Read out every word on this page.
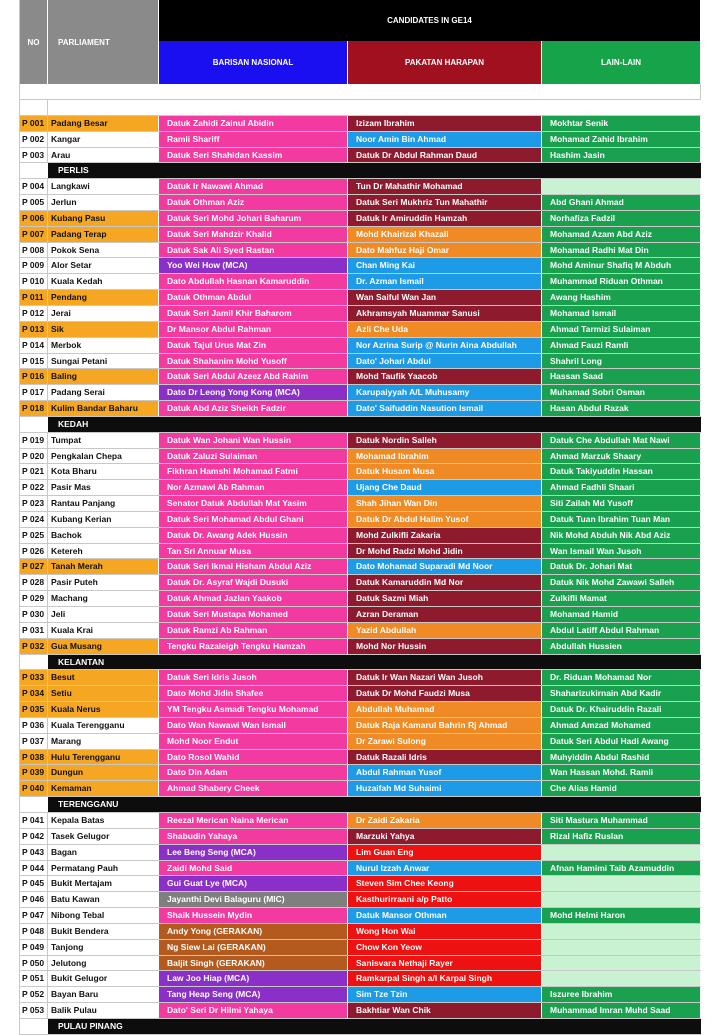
NO PARLIAMENT
CANDIDATES IN GE14
BARISAN NASIONAL	PAKATAN HARAPAN	LAIN-LAIN
P 001 Padang Besar	Datuk Zahidi Zainul Abidin	Izizam Ibrahim	Mokhtar Senik
P 002 Kangar	Ramli Shariff	Noor Amin Bin Ahmad	Mohamad Zahid Ibrahim
P 003 Arau	Datuk Seri Shahidan Kassim	Datuk Dr Abdul Rahman Daud	Hashim Jasin
PERLIS
P 004 Langkawi	Datuk Ir Nawawi Ahmad	Tun Dr Mahathir Mohamad
P 005 Jerlun	Datuk Othman Aziz	Datuk Seri Mukhriz Tun Mahathir	Abd Ghani Ahmad
P 006 Kubang Pasu	Datuk Seri Mohd Johari Baharum	Datuk Ir Amiruddin Hamzah	Norhafiza Fadzil
P 007 Padang Terap	Datuk Seri Mahdzir Khalid	Mohd Khairizal Khazali	Mohamad Azam Abd Aziz
P 008 Pokok Sena	Datuk Sak Ali Syed Rastan	Dato Mahfuz Haji Omar	Mohamad Radhi Mat Din
P 009 Alor Setar	Yoo Wei How (MCA)	Chan Ming Kai	Mohd Aminur Shafiq M Abduh
P 010 Kuala Kedah	Dato Abdullah Hasnan Kamaruddin	Dr. Azman Ismail	Muhammad Riduan Othman
P 011 Pendang	Datuk Othman Abdul	Wan Saiful Wan Jan	Awang Hashim
P 012 Jerai	Datuk Seri Jamil Khir Baharom	Akhramsyah Muammar Sanusi	Mohamad Ismail
P 013 Sik	Dr Mansor Abdul Rahman	Azli Che Uda	Ahmad Tarmizi Sulaiman
P 014 Merbok	Datuk Tajul Urus Mat Zin	Nor Azrina Surip @ Nurin Aina Abdullah	Ahmad Fauzi Ramli
P 015 Sungai Petani	Datuk Shahanim Mohd Yusoff	Dato' Johari Abdul	Shahril Long
P 016 Baling	Datuk Seri Abdul Azeez Abd Rahim	Mohd Taufik Yaacob	Hassan Saad
P 017 Padang Serai	Dato Dr Leong Yong Kong (MCA)	Karupaiyyah A/L Muhusamy	Muhamad Sobri Osman
P 018 Kulim Bandar Baharu	Datuk Abd Aziz Sheikh Fadzir	Dato' Saifuddin Nasution Ismail	Hasan Abdul Razak
KEDAH
P 019 Tumpat	Datuk Wan Johani Wan Hussin	Datuk Nordin Salleh	Datuk Che Abdullah Mat Nawi
P 020 Pengkalan Chepa	Datuk Zaluzi Sulaiman	Mohamad Ibrahim	Ahmad Marzuk Shaary
P 021 Kota Bharu	Fikhran Hamshi Mohamad Fatmi	Datuk Husam Musa	Datuk Takiyuddin Hassan
P 022 Pasir Mas	Nor Azmawi Ab Rahman	Ujang Che Daud	Ahmad Fadhli Shaari
P 023 Rantau Panjang	Senator Datuk Abdullah Mat Yasim	Shah Jihan Wan Din	Siti Zailah Md Yusoff
P 024 Kubang Kerian	Datuk Seri Mohamad Abdul Ghani	Datuk Dr Abdul Halim Yusof	Datuk Tuan Ibrahim Tuan Man
P 025 Bachok	Datuk Dr. Awang Adek Hussin	Mohd Zulkifli Zakaria	Nik Mohd Abduh Nik Abd Aziz
P 026 Ketereh	Tan Sri Annuar Musa	Dr Mohd Radzi Mohd Jidin	Wan Ismail Wan Jusoh
P 027 Tanah Merah	Datuk Seri Ikmal Hisham Abdul Aziz	Dato Mohamad Suparadi Md Noor	Datuk Dr. Johari Mat
P 028 Pasir Puteh	Datuk Dr. Asyraf Wajdi Dusuki	Datuk Kamaruddin Md Nor	Datuk Nik Mohd Zawawi Salleh
P 029 Machang	Datuk Ahmad Jazlan Yaakob	Datuk Sazmi Miah	Zulkifli Mamat
P 030 Jeli	Datuk Seri Mustapa Mohamed	Azran Deraman	Mohamad Hamid
P 031 Kuala Krai	Datuk Ramzi Ab Rahman	Yazid Abdullah	Abdul Latiff Abdul Rahman
P 032 Gua Musang	Tengku Razaleigh Tengku Hamzah	Mohd Nor Hussin	Abdullah Hussien
KELANTAN
P 033 Besut	Datuk Seri Idris Jusoh	Datuk Ir Wan Nazari Wan Jusoh	Dr. Riduan Mohamad Nor
P 034 Setiu	Dato Mohd Jidin Shafee	Datuk Dr Mohd Faudzi Musa	Shaharizukirnain Abd Kadir
P 035 Kuala Nerus	YM Tengku Asmadi Tengku Mohamad	Abdullah Muhamad	Datuk Dr. Khairuddin Razali
P 036 Kuala Terengganu	Dato Wan Nawawi Wan Ismail	Datuk Raja Kamarul Bahrin Rj Ahmad	Ahmad Amzad Mohamed
P 037 Marang	Mohd Noor Endut	Dr Zarawi Sulong	Datuk Seri Abdul Hadi Awang
P 038 Hulu Terengganu	Dato Rosol Wahid	Datuk Razali Idris	Muhyiddin Abdul Rashid
P 039 Dungun	Dato Din Adam	Abdul Rahman Yusof	Wan Hassan Mohd. Ramli
P 040 Kemaman	Ahmad Shabery Cheek	Huzaifah Md Suhaimi	Che Alias Hamid
TERENGGANU
P 041 Kepala Batas	Reezal Merican Naina Merican	Dr Zaidi Zakaria	Siti Mastura Muhammad
P 042 Tasek Gelugor	Shabudin Yahaya	Marzuki Yahya	Rizal Hafiz Ruslan
P 043 Bagan	Lee Beng Seng (MCA)	Lim Guan Eng
P 044 Permatang Pauh	Zaidi Mohd Said	Nurul Izzah Anwar	Afnan Hamimi Taib Azamuddin
P 045 Bukit Mertajam	Gui Guat Lye (MCA)	Steven Sim Chee Keong
P 046 Batu Kawan	Jayanthi Devi Balaguru (MIC)	Kasthurirraani a/p Patto
P 047 Nibong Tebal	Shaik Hussein Mydin	Datuk Mansor Othman	Mohd Helmi Haron
P 048 Bukit Bendera	Andy Yong (GERAKAN)	Wong Hon Wai
P 049 Tanjong	Ng Siew Lai (GERAKAN)	Chow Kon Yeow
P 050 Jelutong	Baljit Singh (GERAKAN)	Sanisvara Nethaji Rayer
P 051 Bukit Gelugor	Law Joo Hiap (MCA)	Ramkarpal Singh a/l Karpal Singh
P 052 Bayan Baru	Tang Heap Seng (MCA)	Sim Tze Tzin	Iszuree Ibrahim
P 053 Balik Pulau	Dato' Seri Dr Hilmi Yahaya	Bakhtiar Wan Chik	Muhammad Imran Muhd Saad
PULAU PINANG
